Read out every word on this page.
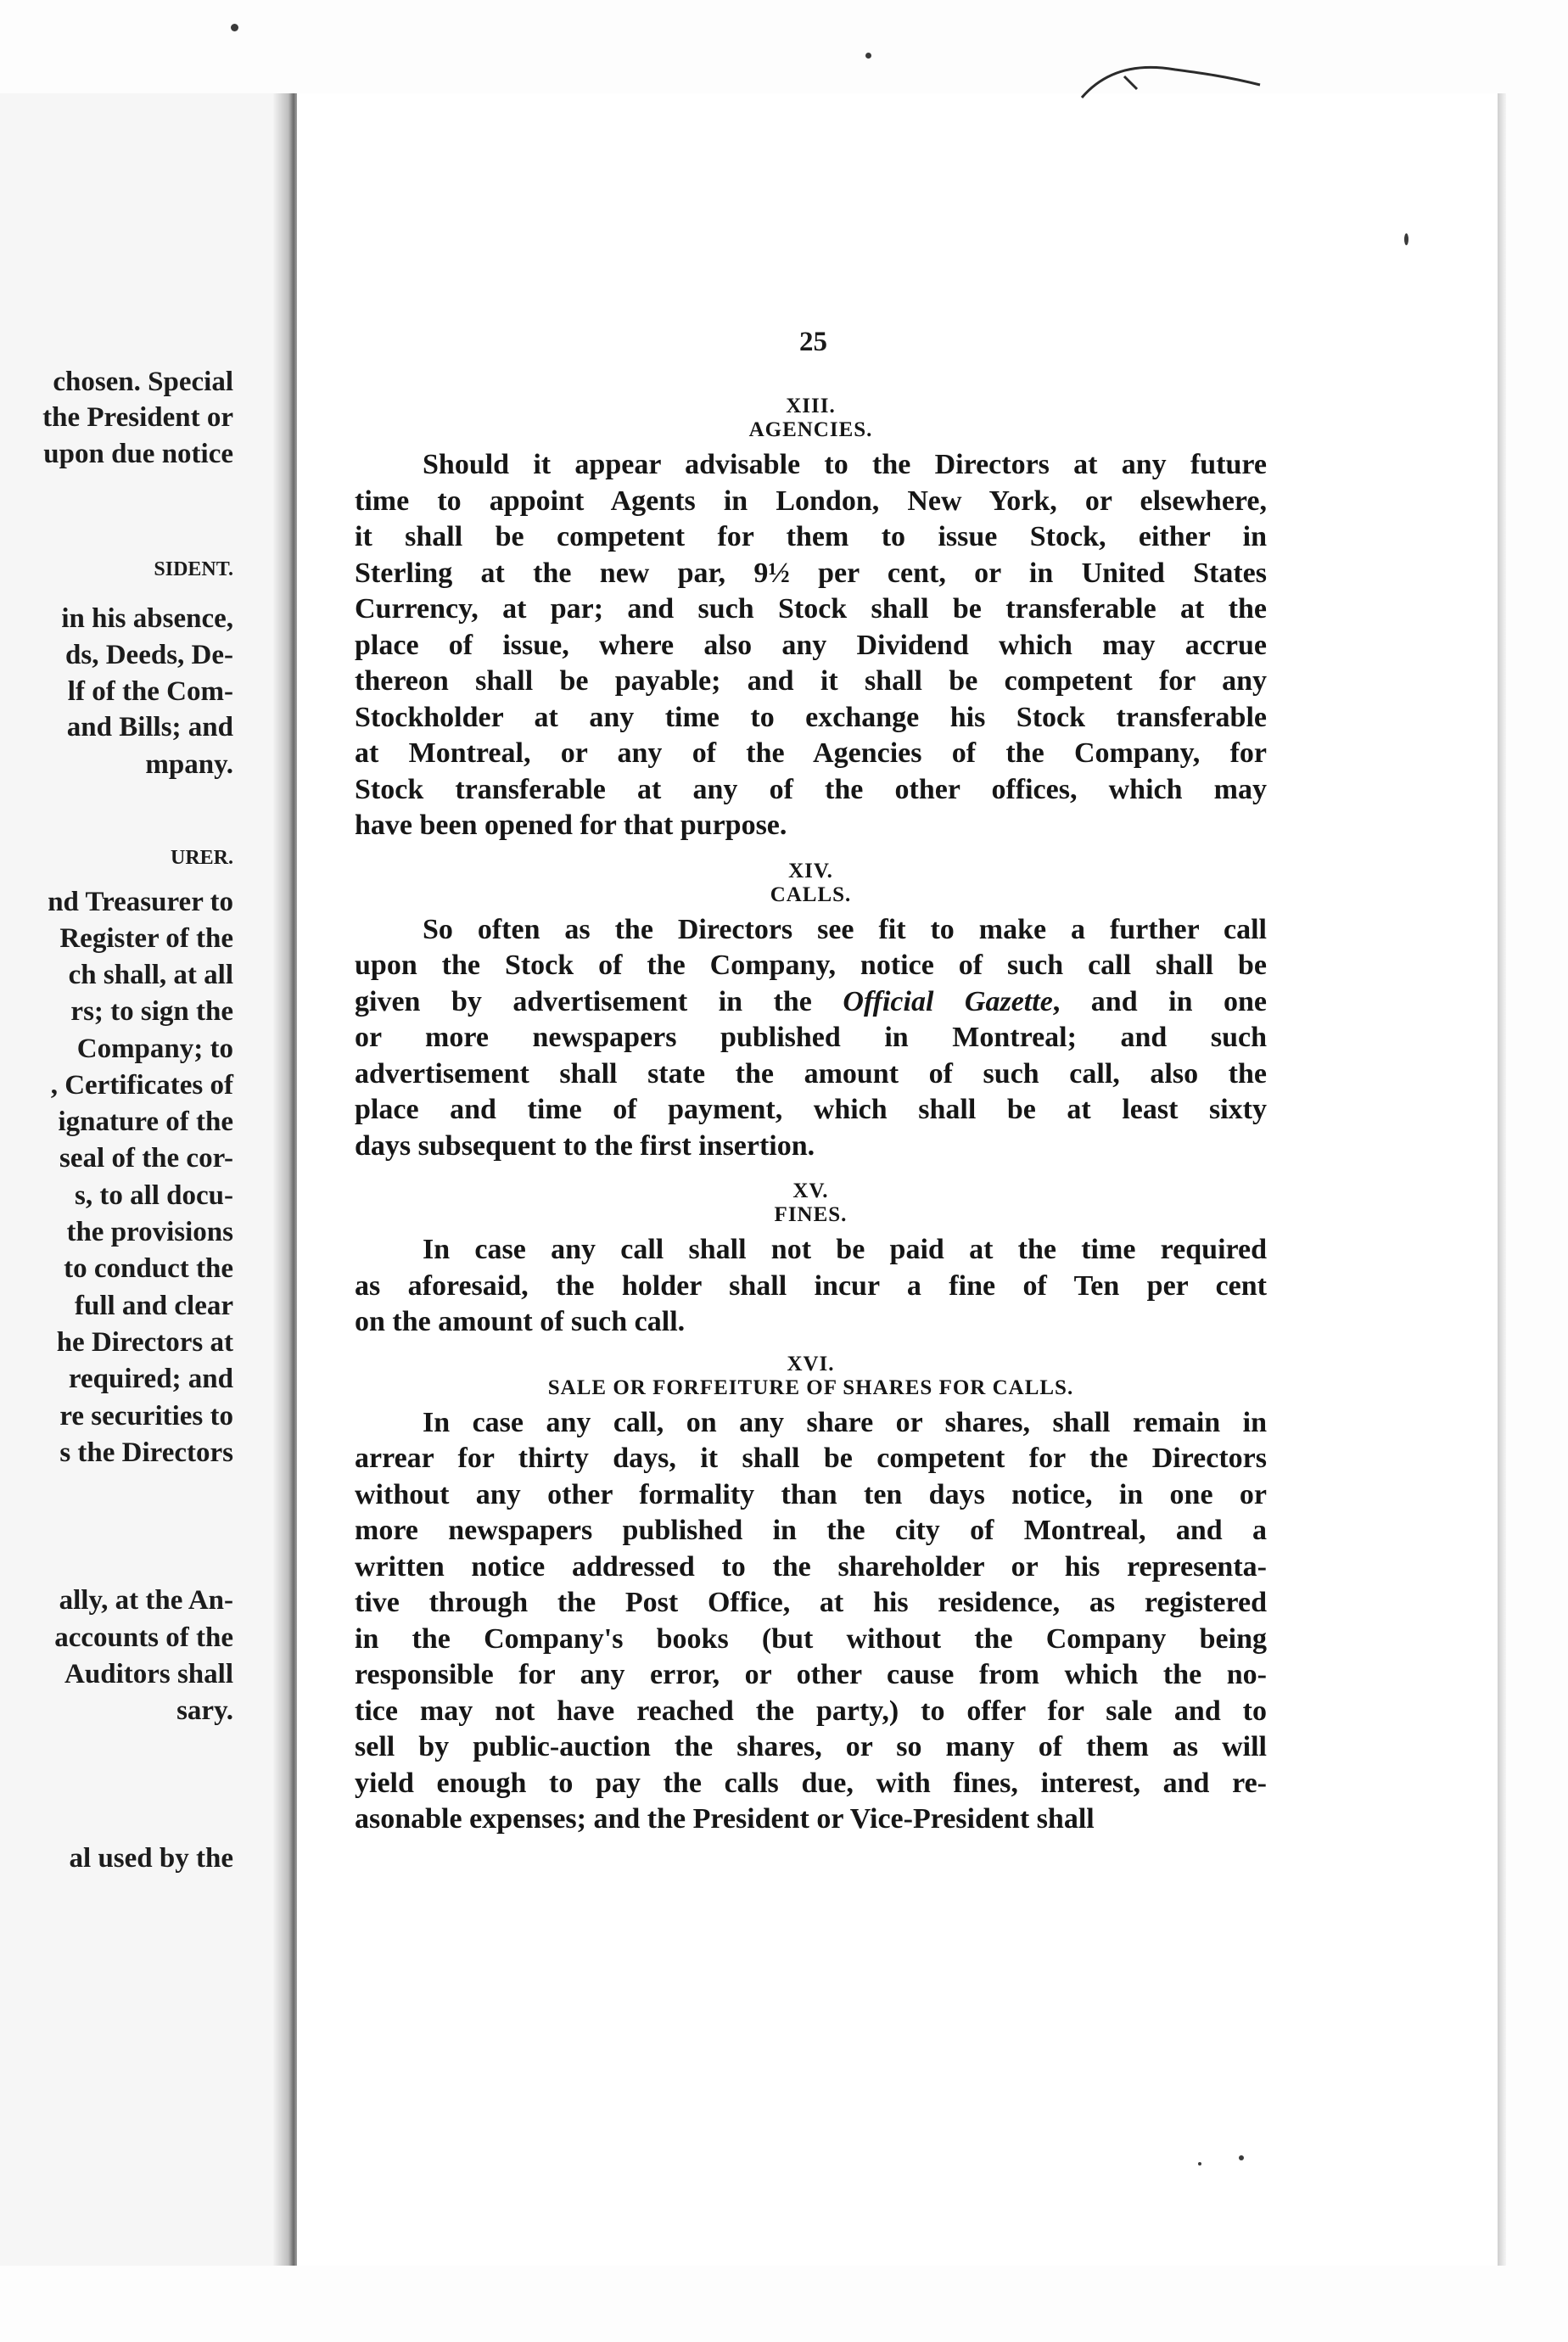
chosen. Special
the President or
upon due notice
SIDENT.
in his absence,
ds, Deeds, De-
lf of the Com-
and Bills; and
mpany.
URER.
nd Treasurer to
Register of the
ch shall, at all
rs; to sign the
Company; to
, Certificates of
ignature of the
seal of the cor-
s, to all docu-
the provisions
to conduct the
full and clear
he Directors at
required; and
re securities to
s the Directors
ally, at the An-
accounts of the
Auditors shall
sary.
al used by the
25
XIII.
AGENCIES.
Should it appear advisable to the Directors at any future
time to appoint Agents in London, New York, or elsewhere,
it shall be competent for them to issue Stock, either in
Sterling at the new par, 9½ per cent, or in United States
Currency, at par; and such Stock shall be transferable at the
place of issue, where also any Dividend which may accrue
thereon shall be payable; and it shall be competent for any
Stockholder at any time to exchange his Stock transferable
at Montreal, or any of the Agencies of the Company, for
Stock transferable at any of the other offices, which may
have been opened for that purpose.
XIV.
CALLS.
So often as the Directors see fit to make a further call
upon the Stock of the Company, notice of such call shall be
given by advertisement in the Official Gazette, and in one
or more newspapers published in Montreal; and such
advertisement shall state the amount of such call, also the
place and time of payment, which shall be at least sixty
days subsequent to the first insertion.
XV.
FINES.
In case any call shall not be paid at the time required
as aforesaid, the holder shall incur a fine of Ten per cent
on the amount of such call.
XVI.
SALE OR FORFEITURE OF SHARES FOR CALLS.
In case any call, on any share or shares, shall remain in
arrear for thirty days, it shall be competent for the Directors
without any other formality than ten days notice, in one or
more newspapers published in the city of Montreal, and a
written notice addressed to the shareholder or his representa-
tive through the Post Office, at his residence, as registered
in the Company's books (but without the Company being
responsible for any error, or other cause from which the no-
tice may not have reached the party,) to offer for sale and to
sell by public-auction the shares, or so many of them as will
yield enough to pay the calls due, with fines, interest, and re-
asonable expenses; and the President or Vice-President shall
